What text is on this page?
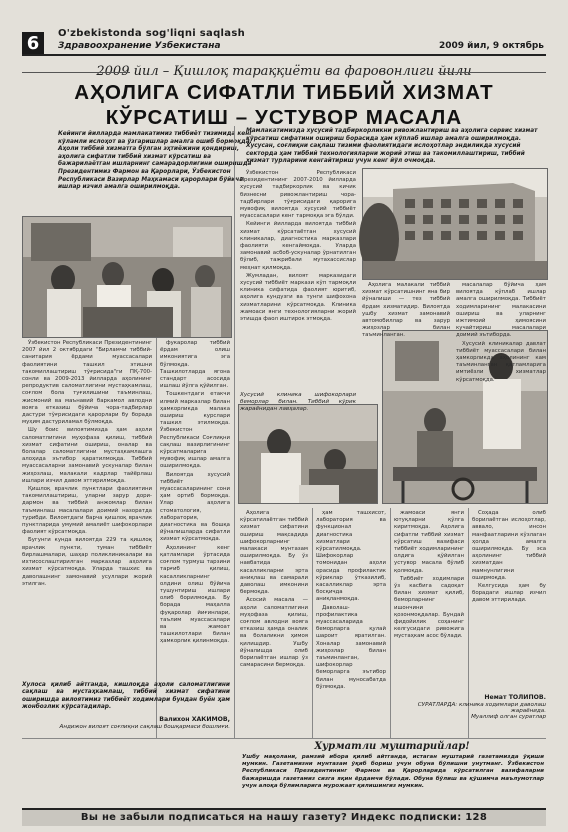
6	O'zbekistonda sog'liqni saqlash
Здравоохранение Узбекистана	2009 йил, 9 октябрь
2009 йил – Қишлоқ тараққиёти ва фаровонлиги йили
АҲОЛИГА СИФАТЛИ ТИББИЙ ХИЗМАТ
КЎРСАТИШ – УСТУВОР МАСАЛА
Кейинги йилларда мамлакатимиз тиббиёт тизимида кенг кўламли ислоҳот ва ўзгаришлар амалга ошиб бормоқда. Аҳоли тиббий хизматга бўлган эҳтиёжини қондириш, аҳолига сифатли тиббий хизмат кўрсатиш ва бажарилаётган ишларнинг самарадорлигини оширишда Президентимиз Фармон ва Қарорлари, Ўзбекистон Республикаси Вазирлар Маҳкамаси қарорлари бўйича ишлар изчил амалга оширилмоқда.
Мамлакатимизда хусусий тадбиркорликни ривожлантириш ва аҳолига сервис хизмат кўрсатиш сифатини ошириш борасида ҳам кўплаб ишлар амалга оширилмоқда. Хусусан, соғлиқни сақлаш тизими фаолиятидаги ислоҳотлар эндиликда хусусий секторда ҳам тиббий технологияларни жорий этиш ва такомиллаштириш, тиббий хизмат турларини кенгайтириш учун кенг йўл очмоқда.

Ўзбекистон Республикаси Президентининг 2007 йил 2 октябрдаги "Бирламчи тиббий-санитария ёрдами муассасалари фаолиятини ташкил этишни такомиллаштириш тўғрисида"ги ПҚ-700-сонли ва 2009-2013 йилларда аҳолининг репродуктив саломатлигини мустаҳкамлаш, соғлом бола туғилишини таъминлаш, жисмоний ва маънавий баркамол авлодни вояга етказиш бўйича чора-тадбирлар дастури тўғрисидаги қарорлари бу борада муҳим дастуриламал бўлмоқда.

Шу боис вилоятимизда ҳам аҳоли саломатлигини муҳофаза қилиш, тиббий хизмат сифатини ошириш, оналар ва болалар саломатлигини мустаҳкамлашга алоҳида эътибор қаратилмоқда. Тиббий муассасаларни замонавий ускуналар билан жиҳозлаш, малакали кадрлар тайёрлаш ишлари изчил давом эттирилмоқда.

Қишлоқ врачлик пунктлари фаолиятини такомиллаштириш, уларни зарур дори-дармон ва тиббий анжомлар билан таъминлаш масалалари доимий назоратда турибди. Вилоятдаги барча қишлоқ врачлик пунктларида умумий амалиёт шифокорлари фаолият кўрсатмоқда.

Бугунги кунда вилоятда 229 та қишлоқ врачлик пункти, туман тиббиёт бирлашмалари, шаҳар поликлиникалари ва ихтисослаштирилган марказлар аҳолига хизмат кўрсатмоқда. Уларда ташхис ва даволашнинг замонавий усуллари жорий этилган.

фукаролар тиббий ёрдам олиш имкониятига эга бўлмоқда. Ташкилотларда ягона стандарт асосида ишлаш йўлга қўйилган.

Тошкентдаги етакчи илмий марказлар билан ҳамкорликда малака ошириш курслари ташкил этилмоқда. Ўзбекистон Республикаси Соғлиқни сақлаш вазирлигининг кўрсатмаларига мувофиқ ишлар амалга оширилмоқда.

Вилоятда хусусий тиббиёт муассасаларининг сони ҳам ортиб бормоқда. Улар аҳолига стоматология, лаборатория, диагностика ва бошқа йўналишларда сифатли хизмат кўрсатмоқда.

Аҳолининг кенг қатламлари ўртасида соғлом турмуш тарзини тарғиб қилиш, касалликларнинг олдини олиш бўйича тушунтириш ишлари олиб борилмоқда. Бу борада маҳалла фуқаролар йиғинлари, таълим муассасалари ва жамоат ташкилотлари билан ҳамкорлик қилинмоқда.

Ўзбекистон Республикаси Президентининг 2007-2010 йилларда хусусий тадбиркорлик ва кичик бизнесни ривожлантириш чора-тадбирлари тўғрисидаги қарорига мувофиқ вилоятда хусусий тиббиёт муассасалари кенг тармоққа эга бўлди.

Кейинги йилларда вилоятда тиббий хизмат кўрсатаётган хусусий клиникалар, диагностика марказлари фаолияти кенгаймоқда. Уларда замонавий асбоб-ускуналар ўрнатилган бўлиб, тажрибали мутахассислар меҳнат қилмоқда.

Жумладан, вилоят марказидаги хусусий тиббиёт маркази кўп тармоқли клиника сифатида фаолият юритиб, аҳолига кундузги ва тунги шифохона хизматларини кўрсатмоқда. Клиника жамоаси янги технологияларни жорий этишда фаол иштирок этмоқда.

Аҳолига малакали тиббий хизмат кўрсатишнинг яна бир йўналиши — тез тиббий ёрдам хизматидир. Вилоятда ушбу хизмат замонавий автомобиллар ва зарур жиҳозлар билан таъминланган.

масалалар бўйича ҳам вилоятда кўплаб ишлар амалга оширилмоқда. Тиббиёт ходимларининг малакасини ошириш ва уларнинг ижтимоий ҳимоясини кучайтириш масалалари доимий эътиборда.

Хусусий клиникалар давлат тиббиёт муассасалари билан ҳамкорликда аҳолининг кам таъминланган қатламларига имтиёзли хизматлар кўрсатмоқда.

Аҳолига кўрсатилаётган тиббий хизмат сифатини ошириш мақсадида шифокорларнинг малакаси мунтазам оширилмоқда. Бу ўз навбатида касалликларни эрта аниқлаш ва самарали даволаш имконини бермоқда.

Асосий масала — аҳоли саломатлигини муҳофаза қилиш, соғлом авлодни вояга етказиш ҳамда оналик ва болаликни ҳимоя қилишдир. Ушбу йўналишда олиб борилаётган ишлар ўз самарасини бермоқда.

ҳам ташхисот, лаборатория ва функционал диагностика хизматлари кўрсатилмоқда. Шифокорлар томонидан аҳоли орасида профилактик кўриклар ўтказилиб, касалликлар эрта босқичда аниқланмоқда.

Даволаш-профилактика муассасаларида беморларга қулай шароит яратилган. Хоналар замонавий жиҳозлар билан таъминланган, шифокорлар беморларга эътибор билан муносабатда бўлмоқда.

жамоаси янги ютуқларни қўлга киритмоқда. Аҳолига сифатли тиббий хизмат кўрсатиш вазифаси тиббиёт ходимларининг олдига қўйилган устувор масала бўлиб қолмоқда.

Тиббиёт ходимлари ўз касбига садоқат билан хизмат қилиб, беморларнинг ишончини қозонмоқдалар. Бундай фидойилик соҳанинг келгусидаги ривожига мустаҳкам асос бўлади.

Соҳада олиб борилаётган ислоҳотлар, аввало, инсон манфаатларини кўзлаган ҳолда амалга оширилмоқда. Бу эса аҳолининг тиббий хизматдан мамнунлигини оширмоқда.

Келгусида ҳам бу борадаги ишлар изчил давом эттирилади.

Хусусий клиника шифокорлари беморлар билан. Тиббий кўрик жараёнидан лавҳалар.
Хулоса қилиб айтганда, кишлоқда аҳоли саломатлигини сақлаш ва мустаҳкамлаш, тиббий хизмат сифатини оширишда вилоятимиз тиббиёт ходимлари бундан буён ҳам жонбозлик кўрсатадилар.
Валихон ХАКИМОВ,
Андижон вилоят соғлиқни сақлаш бошқармаси бошлиғи.
Немат ТОЛИПОВ.
СУРАТЛАРДА: клиника ходимлари даволаш жараёнида.
Муаллиф олган суратлар
Хурматли муштарийлар!
Ушбу мақолани, рамзий ибора қилиб айтганда, истаган муштарий газетамизда ўқиши мумкин. Газетамизни мунтазам ўқиб бориш учун обуна бўлишни унутманг. Ўзбекистон Республикаси Президентининг Фармон ва Қарорларида кўрсатилган вазифаларни бажаришда газетамиз сизга яқин ёрдамчи бўлади. Обуна бўлиш ва қўшимча маълумотлар учун алоқа бўлимларига мурожаат қилишингиз мумкин.
Вы не забыли подписаться на нашу газету? Индекс подписки: 128
